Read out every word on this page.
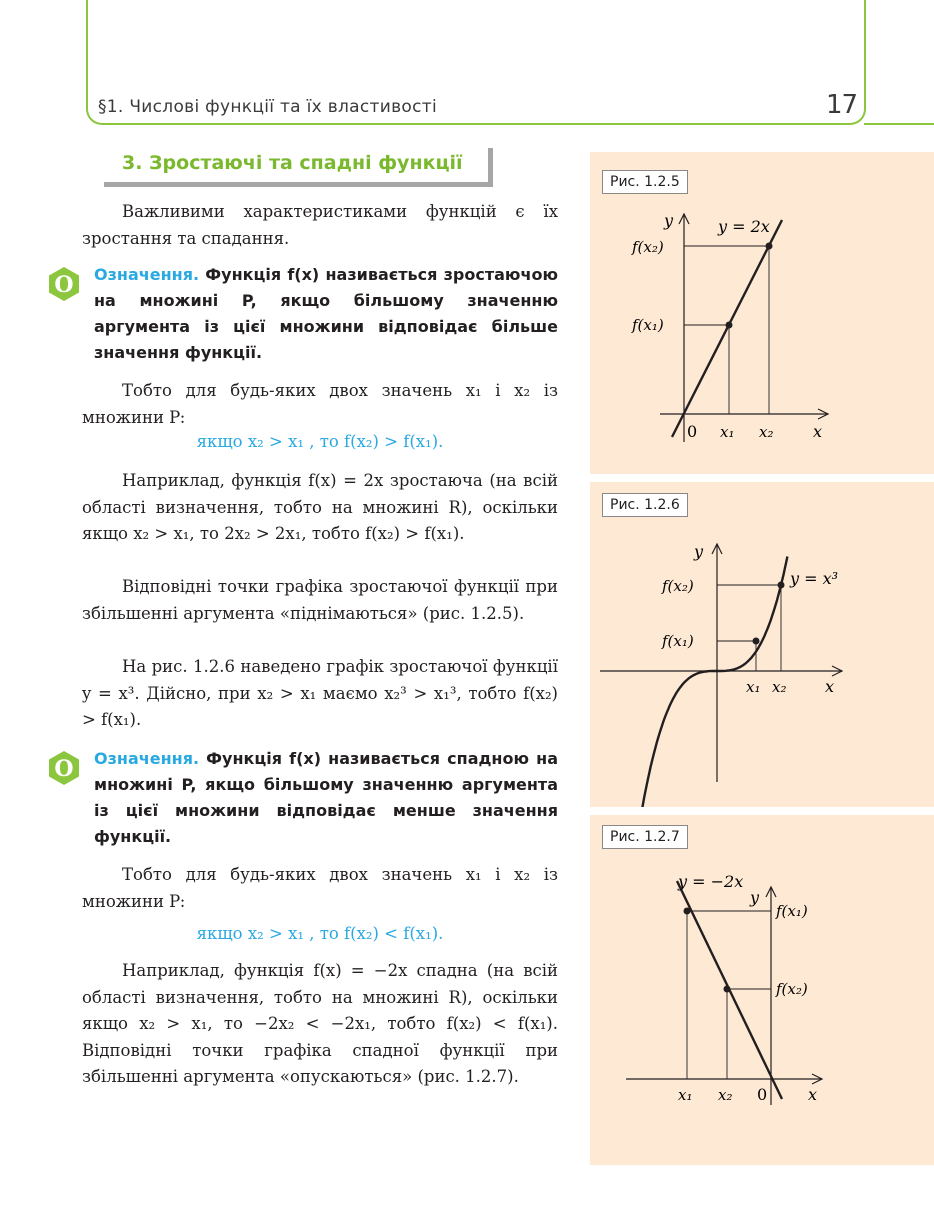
§1. Числові функції та їх властивості	17
3. Зростаючі та спадні функції
Важливими характеристиками функцій є їх зростання та спадання.
O Означення. Функція f(x) називається зростаючою на множині P, якщо більшому значенню аргумента із цієї множини відповідає більше значення функції.
Тобто для будь-яких двох значень x₁ і x₂ із множини P:
якщо x₂ > x₁ , то f(x₂) > f(x₁).
Наприклад, функція f(x) = 2x зростаюча (на всій області визначення, тобто на множині R), оскільки якщо x₂ > x₁, то 2x₂ > 2x₁, тобто f(x₂) > f(x₁).
Відповідні точки графіка зростаючої функції при збільшенні аргумента «піднімаються» (рис. 1.2.5).
На рис. 1.2.6 наведено графік зростаючої функції y = x³. Дійсно, при x₂ > x₁ маємо x₂³ > x₁³, тобто f(x₂) > f(x₁).
O Означення. Функція f(x) називається спадною на множині P, якщо більшому значенню аргумента із цієї множини відповідає менше значення функції.
Тобто для будь-яких двох значень x₁ і x₂ із множини P:
якщо x₂ > x₁ , то f(x₂) < f(x₁).
Наприклад, функція f(x) = −2x спадна (на всій області визначення, тобто на множині R), оскільки якщо x₂ > x₁, то −2x₂ < −2x₁, тобто f(x₂) < f(x₁). Відповідні точки графіка спадної функції при збільшенні аргумента «опускаються» (рис. 1.2.7).
Рис. 1.2.5
Рис. 1.2.6
Рис. 1.2.7
y	y = 2x
f(x₂)
f(x₁)
0 x₁ x₂ x
y
y = x³
f(x₂)
f(x₁)
x₁ x₂ x
y = −2x
y
f(x₁)
f(x₂)
x₁ x₂ 0	x
